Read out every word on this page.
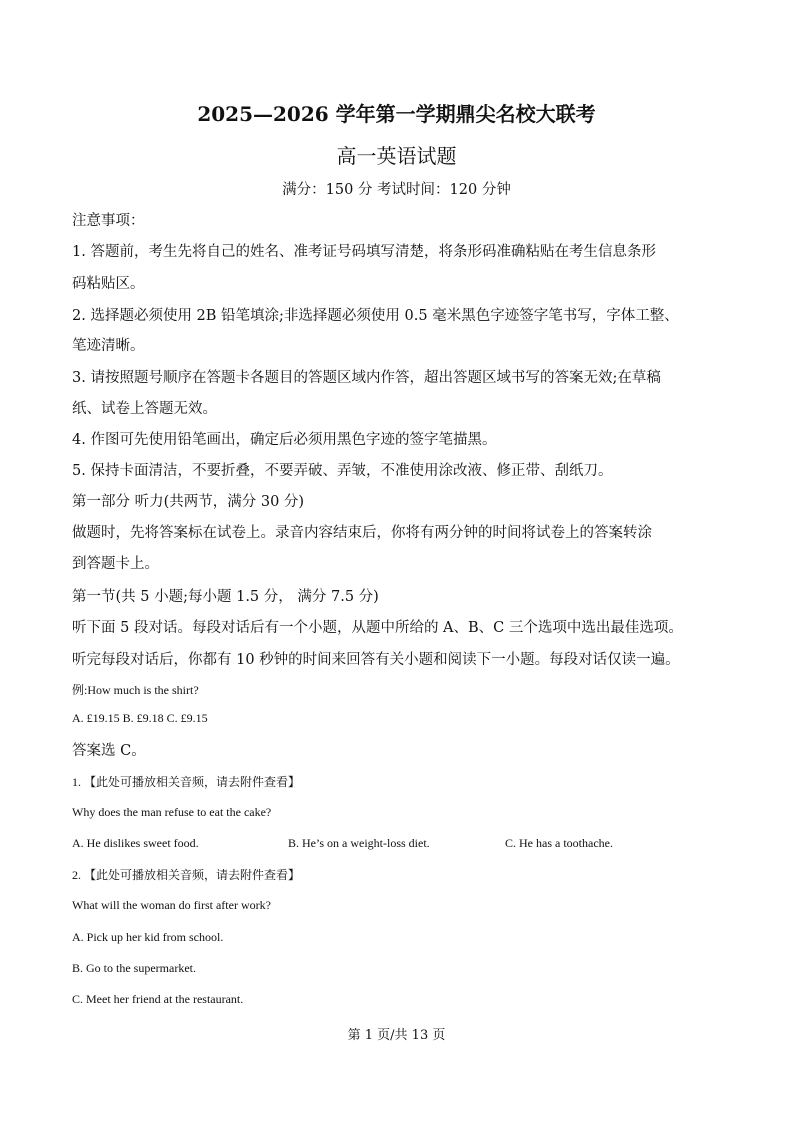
2025—2026 学年第一学期鼎尖名校大联考
高一英语试题
满分：150 分 考试时间：120 分钟
注意事项：
1. 答题前，考生先将自己的姓名、准考证号码填写清楚，将条形码准确粘贴在考生信息条形
码粘贴区。
2. 选择题必须使用 2B 铅笔填涂;非选择题必须使用 0.5 毫米黑色字迹签字笔书写，字体工整、
笔迹清晰。
3. 请按照题号顺序在答题卡各题目的答题区域内作答，超出答题区域书写的答案无效;在草稿
纸、试卷上答题无效。
4. 作图可先使用铅笔画出，确定后必须用黑色字迹的签字笔描黑。
5. 保持卡面清洁，不要折叠，不要弄破、弄皱，不准使用涂改液、修正带、刮纸刀。
第一部分 听力(共两节，满分 30 分)
做题时，先将答案标在试卷上。录音内容结束后，你将有两分钟的时间将试卷上的答案转涂
到答题卡上。
第一节(共 5 小题;每小题 1.5 分， 满分 7.5 分)
听下面 5 段对话。每段对话后有一个小题，从题中所给的 A、B、C 三个选项中选出最佳选项。
听完每段对话后，你都有 10 秒钟的时间来回答有关小题和阅读下一小题。每段对话仅读一遍。
例:How much is the shirt?
A. £19.15 B. £9.18 C. £9.15
答案选 C。
1. 【此处可播放相关音频，请去附件查看】
Why does the man refuse to eat the cake?
A. He dislikes sweet food.	B. He’s on a weight-loss diet.	C. He has a toothache.
2. 【此处可播放相关音频，请去附件查看】
What will the woman do first after work?
A. Pick up her kid from school.
B. Go to the supermarket.
C. Meet her friend at the restaurant.
第 1 页/共 13 页
